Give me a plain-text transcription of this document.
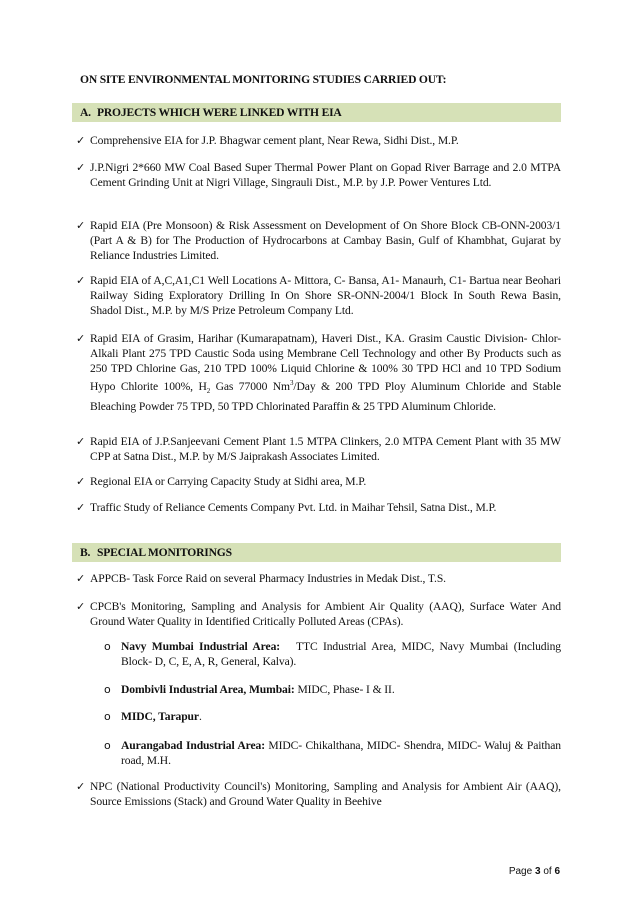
ON SITE ENVIRONMENTAL MONITORING STUDIES CARRIED OUT:
A. PROJECTS WHICH WERE LINKED WITH EIA
✓ Comprehensive EIA for J.P. Bhagwar cement plant, Near Rewa, Sidhi Dist., M.P.
✓ J.P.Nigri 2*660 MW Coal Based Super Thermal Power Plant on Gopad River Barrage and 2.0 MTPA Cement Grinding Unit at Nigri Village, Singrauli Dist., M.P. by J.P. Power Ventures Ltd.
✓ Rapid EIA (Pre Monsoon) & Risk Assessment on Development of On Shore Block CB-ONN-2003/1 (Part A & B) for The Production of Hydrocarbons at Cambay Basin, Gulf of Khambhat, Gujarat by Reliance Industries Limited.
✓ Rapid EIA of A,C,A1,C1 Well Locations A- Mittora, C- Bansa, A1- Manaurh, C1- Bartua near Beohari Railway Siding Exploratory Drilling In On Shore SR-ONN-2004/1 Block In South Rewa Basin, Shadol Dist., M.P. by M/S Prize Petroleum Company Ltd.
✓ Rapid EIA of Grasim, Harihar (Kumarapatnam), Haveri Dist., KA. Grasim Caustic Division- Chlor- Alkali Plant 275 TPD Caustic Soda using Membrane Cell Technology and other By Products such as 250 TPD Chlorine Gas, 210 TPD 100% Liquid Chlorine & 100% 30 TPD HCl and 10 TPD Sodium Hypo Chlorite 100%, $H_2$ Gas 77000 Nm$^3$/Day & 200 TPD Ploy Aluminum Chloride and Stable Bleaching Powder 75 TPD, 50 TPD Chlorinated Paraffin & 25 TPD Aluminum Chloride.
✓ Rapid EIA of J.P.Sanjeevani Cement Plant 1.5 MTPA Clinkers, 2.0 MTPA Cement Plant with 35 MW CPP at Satna Dist., M.P. by M/S Jaiprakash Associates Limited.
✓ Regional EIA or Carrying Capacity Study at Sidhi area, M.P.
✓ Traffic Study of Reliance Cements Company Pvt. Ltd. in Maihar Tehsil, Satna Dist., M.P.
B. SPECIAL MONITORINGS
✓ APPCB- Task Force Raid on several Pharmacy Industries in Medak Dist., T.S.
✓ CPCB's Monitoring, Sampling and Analysis for Ambient Air Quality (AAQ), Surface Water And Ground Water Quality in Identified Critically Polluted Areas (CPAs).
o Navy Mumbai Industrial Area:   TTC Industrial Area, MIDC, Navy Mumbai (Including Block- D, C, E, A, R, General, Kalva).
o Dombivli Industrial Area, Mumbai: MIDC, Phase- I & II.
o MIDC, Tarapur.
o Aurangabad Industrial Area: MIDC- Chikalthana, MIDC- Shendra, MIDC- Waluj & Paithan road, M.H.
✓ NPC (National Productivity Council's) Monitoring, Sampling and Analysis for Ambient Air (AAQ), Source Emissions (Stack) and Ground Water Quality in Beehive
Page 3 of 6
